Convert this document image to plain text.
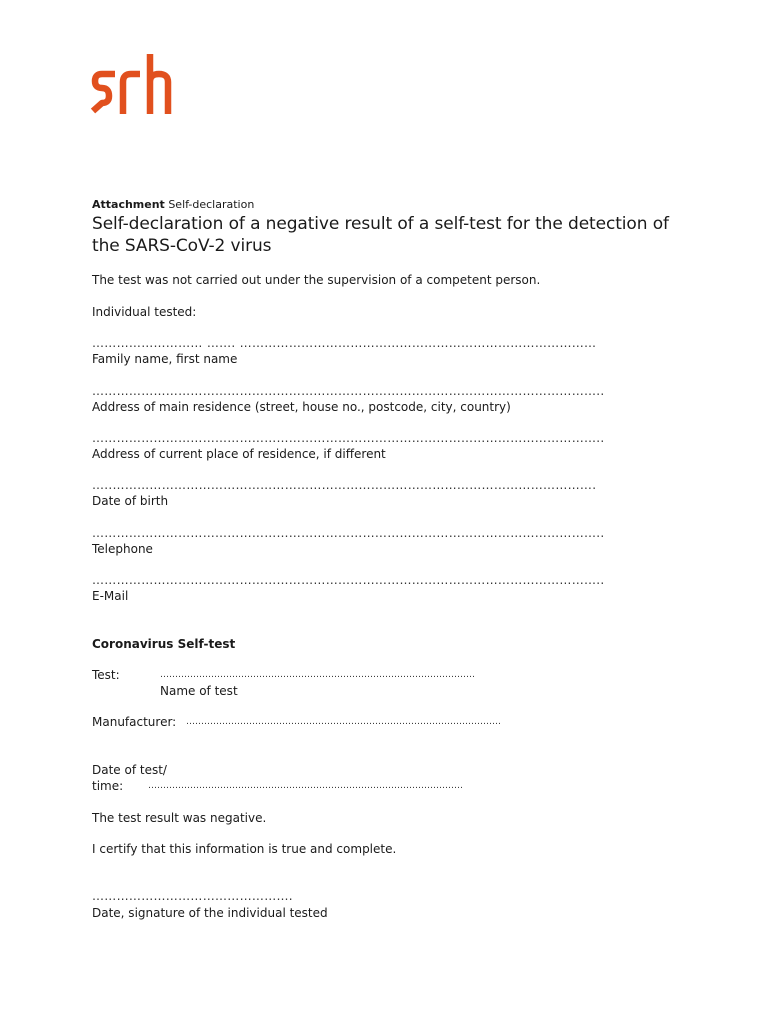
Attachment Self-declaration
Self-declaration of a negative result of a self-test for the detection of the SARS-CoV-2 virus
The test was not carried out under the supervision of a competent person.
Individual tested:
……………………… ……. ……………………………………………………………………………
Family name, first name
……………………………………………………………………………………………………………..
Address of main residence (street, house no., postcode, city, country)
……………………………………………………………………………………………………………..
Address of current place of residence, if different
…..……………………………………………………………………………………………………….
Date of birth
……………………………………………………………………………………………………………..
Telephone
……………………………………………………………………………………………………………..
E-Mail
Coronavirus Self-test
Test:	……………………………………………………………………………………………
Name of test
Manufacturer: ……………………………………………………………………………………………
Date of test/
time:	……………………………………………………………………………………………
The test result was negative.
I certify that this information is true and complete.
………………………………………….
Date, signature of the individual tested
